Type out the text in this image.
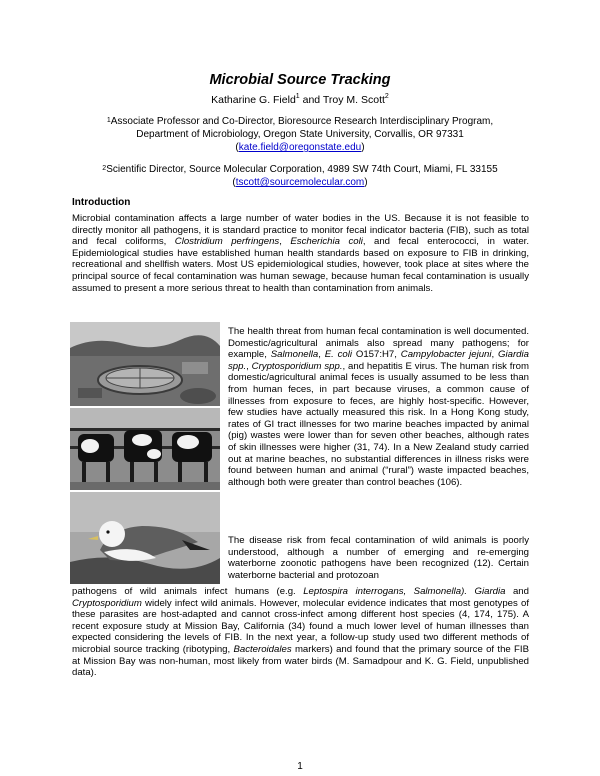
Microbial Source Tracking
Katharine G. Field$^1$ and Troy M. Scott$^2$
$^1$Associate Professor and Co-Director, Bioresource Research Interdisciplinary Program,
Department of Microbiology, Oregon State University, Corvallis, OR 97331
(kate.field@oregonstate.edu)
$^2$Scientific Director, Source Molecular Corporation, 4989 SW 74th Court, Miami, FL 33155
(tscott@sourcemolecular.com)
Introduction

Microbial contamination affects a large number of water bodies in the US. Because it is not feasible to directly monitor all pathogens, it is standard practice to monitor fecal indicator bacteria (FIB), such as total and fecal coliforms, Clostridium perfringens, Escherichia coli, and fecal enterococci, in water. Epidemiological studies have established human health standards based on exposure to FIB in drinking, recreational and shellfish waters. Most US epidemiological studies, however, took place at sites where the principal source of fecal contamination was human sewage, because human fecal contamination is usually assumed to present a more serious threat to health than contamination from animals.

The health threat from human fecal contamination is well documented. Domestic/agricultural animals also spread many pathogens; for example, Salmonella, E. coli O157:H7, Campylobacter jejuni, Giardia spp., Cryptosporidium spp., and hepatitis E virus. The human risk from domestic/agricultural animal feces is usually assumed to be less than from human feces, in part because viruses, a common cause of illnesses from exposure to feces, are highly host-specific. However, few studies have actually measured this risk. In a Hong Kong study, rates of GI tract illnesses for two marine beaches impacted by animal (pig) wastes were lower than for seven other beaches, although rates of skin illnesses were higher (31, 74). In a New Zealand study carried out at marine beaches, no substantial differences in illness risks were found between human and animal (“rural”) waste impacted beaches, although both were greater than control beaches (106).

The disease risk from fecal contamination of wild animals is poorly understood, although a number of emerging and re-emerging waterborne zoonotic pathogens have been recognized (12). Certain waterborne bacterial and protozoan

pathogens of wild animals infect humans (e.g. Leptospira interrogans, Salmonella). Giardia and Cryptosporidium widely infect wild animals. However, molecular evidence indicates that most genotypes of these parasites are host-adapted and cannot cross-infect among different host species (4, 174, 175). A recent exposure study at Mission Bay, California (34) found a much lower level of human illnesses than expected considering the levels of FIB. In the next year, a follow-up study used two different methods of microbial source tracking (ribotyping, Bacteroidales markers) and found that the primary source of the FIB at Mission Bay was non-human, most likely from water birds (M. Samadpour and K. G. Field, unpublished data).

1
